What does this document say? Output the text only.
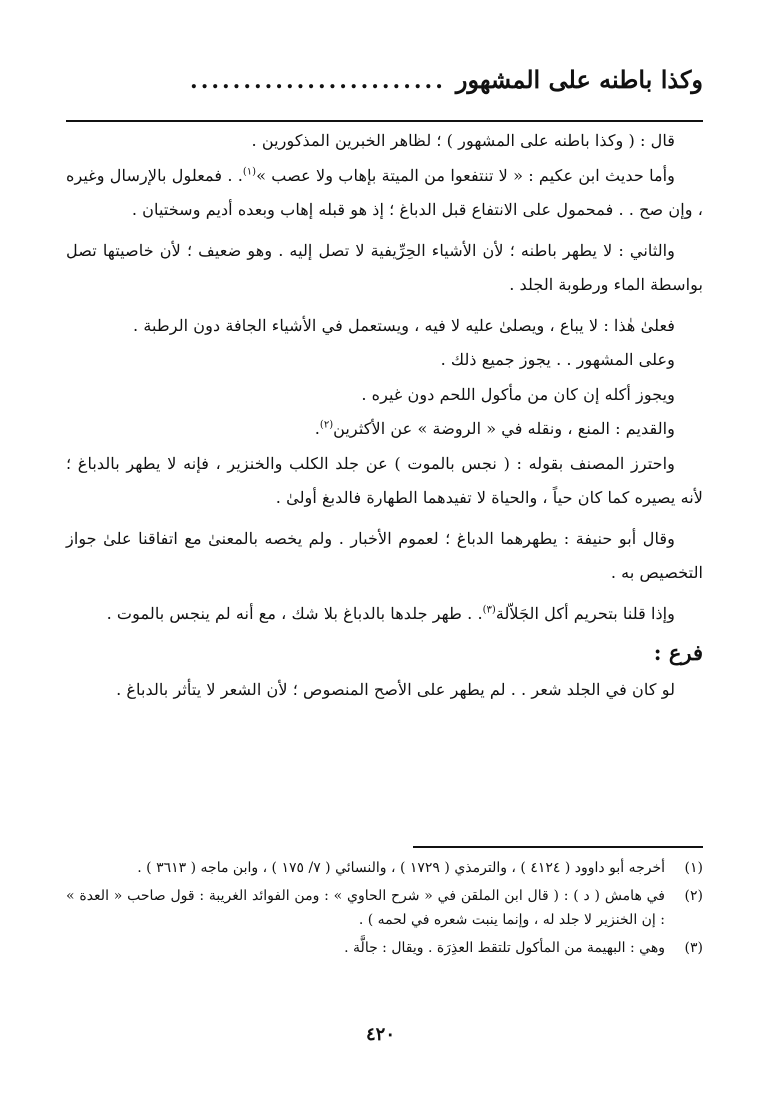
وكذا باطنه على المشهور
........................

قال : ( وكذا باطنه على المشهور ) ؛ لظاهر الخبرين المذكورين .

وأما حديث ابن عكيم : « لا تنتفعوا من الميتة بإهاب ولا عصب »$^{(١)}$. . فمعلول بالإرسال وغيره ، وإن صح . . فمحمول على الانتفاع قبل الدباغ ؛ إذ هو قبله إهاب وبعده أديم وسختيان .

والثاني : لا يطهر باطنه ؛ لأن الأشياء الحِرِّيفية لا تصل إليه . وهو ضعيف ؛ لأن خاصيتها تصل بواسطة الماء ورطوبة الجلد .

فعلىٰ هٰذا : لا يباع ، ويصلىٰ عليه لا فيه ، ويستعمل في الأشياء الجافة دون الرطبة .

وعلى المشهور . . يجوز جميع ذلك .

ويجوز أكله إن كان من مأكول اللحم دون غيره .

والقديم : المنع ، ونقله في « الروضة » عن الأكثرين$^{(٢)}$.

واحترز المصنف بقوله : ( نجس بالموت ) عن جلد الكلب والخنزير ، فإنه لا يطهر بالدباغ ؛ لأنه يصيره كما كان حياً ، والحياة لا تفيدهما الطهارة فالدبغ أولىٰ .

وقال أبو حنيفة : يطهرهما الدباغ ؛ لعموم الأخبار . ولم يخصه بالمعنىٰ مع اتفاقنا علىٰ جواز التخصيص به .

وإذا قلنا بتحريم أكل الجَلاّلة$^{(٣)}$. . طهر جلدها بالدباغ بلا شك ، مع أنه لم ينجس بالموت .

فرع :

لو كان في الجلد شعر . . لم يطهر على الأصح المنصوص ؛ لأن الشعر لا يتأثر بالدباغ .

(١)
أخرجه أبو داوود ( ٤١٢٤ ) ، والترمذي ( ١٧٢٩ ) ، والنسائي ( ٧/ ١٧٥ ) ، وابن ماجه ( ٣٦١٣ ) .
(٢)
في هامش ( د ) : ( قال ابن الملقن في « شرح الحاوي » : ومن الفوائد الغريبة : قول صاحب « العدة » : إن الخنزير لا جلد له ، وإنما ينبت شعره في لحمه ) .
(٣)
وهي : البهيمة من المأكول تلتقط العذِرَة . ويقال : جالَّة .
٤٢٠
